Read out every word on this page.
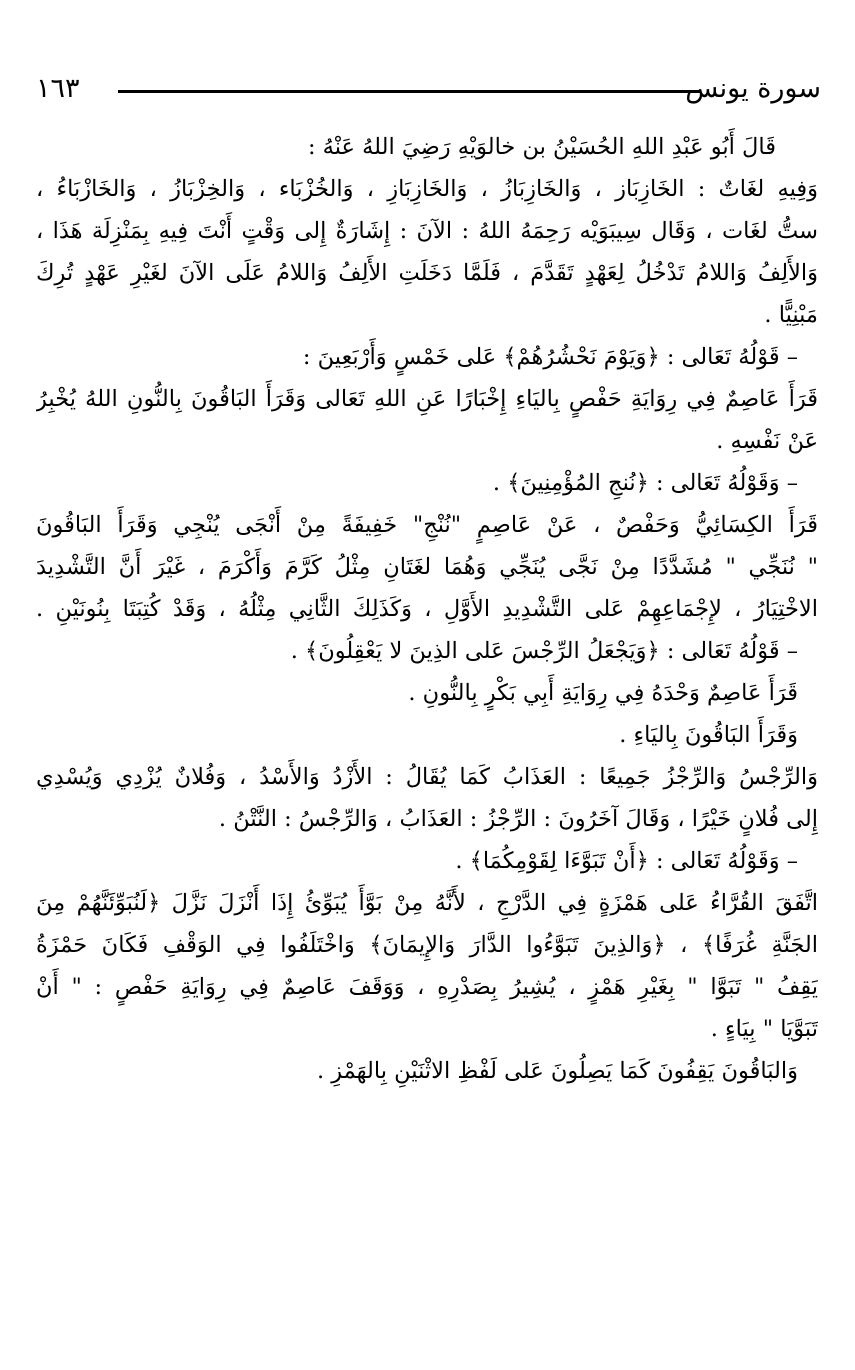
سورة يونس
١٦٣
قَالَ أَبُو عَبْدِ اللهِ الحُسَيْنُ بن خالوَيْهِ رَضِيَ اللهُ عَنْهُ :
وَفِيهِ لغَاتٌ : الخَازِبَاز ، وَالخَازِبَازُ ، وَالخَازِبَازِ ، وَالخُزْبَاء ، وَالخِزْبَازُ ، وَالخَازْبَاءُ ،
ستُّ لغَات ، وَقَال سِيبَوَيْه رَحِمَهُ اللهُ : الآنَ : إِشَارَةٌ إِلى وَقْتٍ أَنْتَ فِيهِ بِمَنْزِلَة هَذَا ،
وَالأَلِفُ وَاللامُ تَدْخُلُ لِعَهْدٍ تَقَدَّمَ ، فَلَمَّا دَخَلَتِ الأَلِفُ وَاللامُ عَلَى الآنَ لغَيْرِ عَهْدٍ تُرِكَ
مَبْنِيًّا .
– قَوْلُهُ تَعَالى : ﴿وَيَوْمَ نَحْشُرُهُمْ﴾ عَلى خَمْسٍ وَأَرْبَعِينَ :
قَرَأَ عَاصِمٌ فِي رِوَايَةِ حَفْصٍ بِاليَاءِ إِخْبَارًا عَنِ اللهِ تَعَالى وَقَرَأَ البَاقُونَ بِالنُّونِ اللهُ يُخْبِرُ
عَنْ نَفْسِهِ .
– وَقَوْلُهُ تَعَالى : ﴿نُنجِ المُؤْمِنِينَ﴾ .
قَرَأَ الكِسَائِيُّ وَحَفْصٌ ، عَنْ عَاصِمٍ "نُنْجِ" خَفِيفَةً مِنْ أَنْجَى يُنْجِي وَقَرَأَ البَاقُونَ
" نُنَجِّي " مُشَدَّدًا مِنْ نَجَّى يُنَجِّي وَهُمَا لغَتَانِ مِثْلُ كَرَّمَ وَأَكْرَمَ ، غَيْرَ أَنَّ التَّشْدِيدَ
الاخْتِيَارُ ، لإِجْمَاعِهِمْ عَلى التَّشْدِيدِ الأَوَّلِ ، وَكَذَلِكَ الثَّانِي مِثْلُهُ ، وَقَدْ كُتِبَتَا بِنُونَيْنِ .
– قَوْلُهُ تَعَالى : ﴿وَيَجْعَلُ الرِّجْسَ عَلى الذِينَ لا يَعْقِلُونَ﴾ .
قَرَأَ عَاصِمٌ وَحْدَهُ فِي رِوَايَةِ أَبِي بَكْرٍ بِالنُّونِ .
وَقَرَأَ البَاقُونَ بِاليَاءِ .
وَالرِّجْسُ وَالرِّجْزُ جَمِيعًا : العَذَابُ كَمَا يُقَالُ : الأَزْدُ وَالأَسْدُ ، وَفُلانٌ يُزْدِي وَيُسْدِي
إِلى فُلانٍ خَيْرًا ، وَقَالَ آخَرُونَ : الرِّجْزُ : العَذَابُ ، وَالرِّجْسُ : النَّتْنُ .
– وَقَوْلُهُ تَعَالى : ﴿أَنْ تَبَوَّءَا لِقَوْمِكُمَا﴾ .
اتَّفَقَ القُرَّاءُ عَلى هَمْزَةٍ فِي الدَّرْجِ ، لأَنَّهُ مِنْ بَوَّأَ يُبَوِّئُ إِذَا أَنْزَلَ نَزَّلَ ﴿لَنُبَوِّئَنَّهُمْ مِنَ
الجَنَّةِ غُرَفًا﴾ ، ﴿وَالذِينَ تَبَوَّءُوا الدَّارَ وَالإِيمَانَ﴾ وَاخْتَلَفُوا فِي الوَقْفِ فَكَانَ حَمْزَةُ
يَقِفُ " تَبَوَّا " بِغَيْرِ هَمْزٍ ، يُشِيرُ بِصَدْرِهِ ، وَوَقَفَ عَاصِمٌ فِي رِوَايَةِ حَفْصٍ : " أَنْ
تَبَوَّيَا " بِيَاءٍ .
وَالبَاقُونَ يَقِفُونَ كَمَا يَصِلُونَ عَلى لَفْظِ الاثْنَيْنِ بِالهَمْزِ .
